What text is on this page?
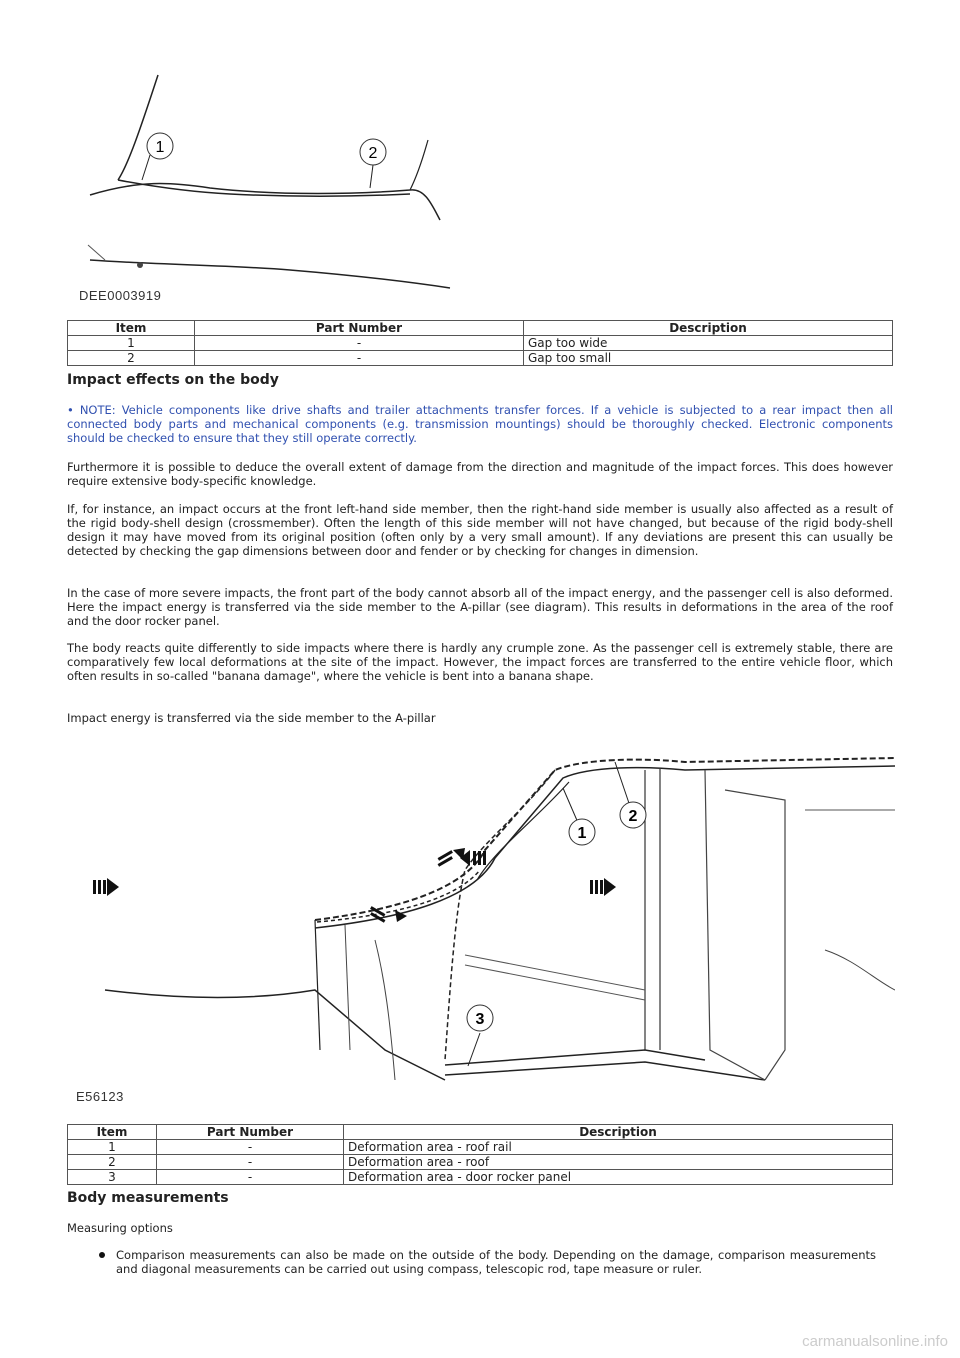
1	2
DEE0003919
Item	Part Number	Description
1	-	Gap too wide
2	-	Gap too small
Impact effects on the body

• NOTE: Vehicle components like drive shafts and trailer attachments transfer forces. If a vehicle is subjected to a rear impact then all connected body parts and mechanical components (e.g. transmission mountings) should be thoroughly checked. Electronic components should be checked to ensure that they still operate correctly.

Furthermore it is possible to deduce the overall extent of damage from the direction and magnitude of the impact forces. This does however require extensive body-specific knowledge.

If, for instance, an impact occurs at the front left-hand side member, then the right-hand side member is usually also affected as a result of the rigid body-shell design (crossmember). Often the length of this side member will not have changed, but because of the rigid body-shell design it may have moved from its original position (often only by a very small amount). If any deviations are present this can usually be detected by checking the gap dimensions between door and fender or by checking for changes in dimension.

In the case of more severe impacts, the front part of the body cannot absorb all of the impact energy, and the passenger cell is also deformed. Here the impact energy is transferred via the side member to the A-pillar (see diagram). This results in deformations in the area of the roof and the door rocker panel.

The body reacts quite differently to side impacts where there is hardly any crumple zone. As the passenger cell is extremely stable, there are comparatively few local deformations at the site of the impact. However, the impact forces are transferred to the entire vehicle floor, which often results in so-called "banana damage", where the vehicle is bent into a banana shape.

Impact energy is transferred via the side member to the A-pillar

1
2
3
E56123
Item	Part Number	Description
1	-	Deformation area - roof rail
2	-	Deformation area - roof
3	-	Deformation area - door rocker panel
Body measurements

Measuring options

Comparison measurements can also be made on the outside of the body. Depending on the damage, comparison measurements and diagonal measurements can be carried out using compass, telescopic rod, tape measure or ruler.

carmanualsonline.info
